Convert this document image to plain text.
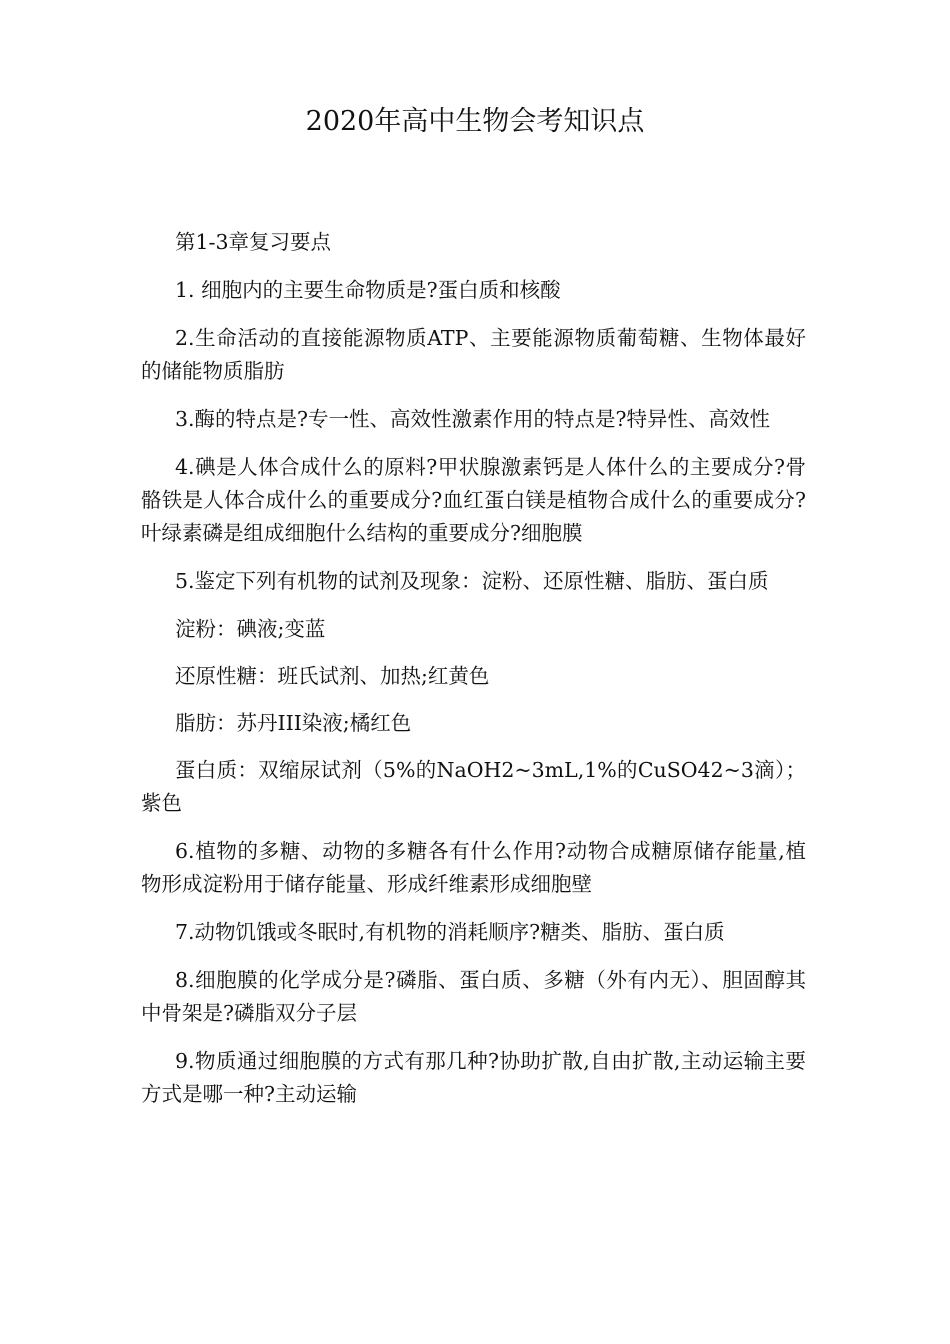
2020年高中生物会考知识点

第1-3章复习要点

1. 细胞内的主要生命物质是?蛋白质和核酸

2.生命活动的直接能源物质ATP、主要能源物质葡萄糖、生物体最好的储能物质脂肪

3.酶的特点是?专一性、高效性激素作用的特点是?特异性、高效性

4.碘是人体合成什么的原料?甲状腺激素钙是人体什么的主要成分?骨骼铁是人体合成什么的重要成分?血红蛋白镁是植物合成什么的重要成分?叶绿素磷是组成细胞什么结构的重要成分?细胞膜

5.鉴定下列有机物的试剂及现象：淀粉、还原性糖、脂肪、蛋白质

淀粉：碘液;变蓝

还原性糖：班氏试剂、加热;红黄色

脂肪：苏丹III染液;橘红色

蛋白质：双缩尿试剂（5%的NaOH2~3mL,1%的CuSO42~3滴）；紫色

6.植物的多糖、动物的多糖各有什么作用?动物合成糖原储存能量,植物形成淀粉用于储存能量、形成纤维素形成细胞壁

7.动物饥饿或冬眠时,有机物的消耗顺序?糖类、脂肪、蛋白质

8.细胞膜的化学成分是?磷脂、蛋白质、多糖（外有内无）、胆固醇其中骨架是?磷脂双分子层

9.物质通过细胞膜的方式有那几种?协助扩散,自由扩散,主动运输主要方式是哪一种?主动运输
